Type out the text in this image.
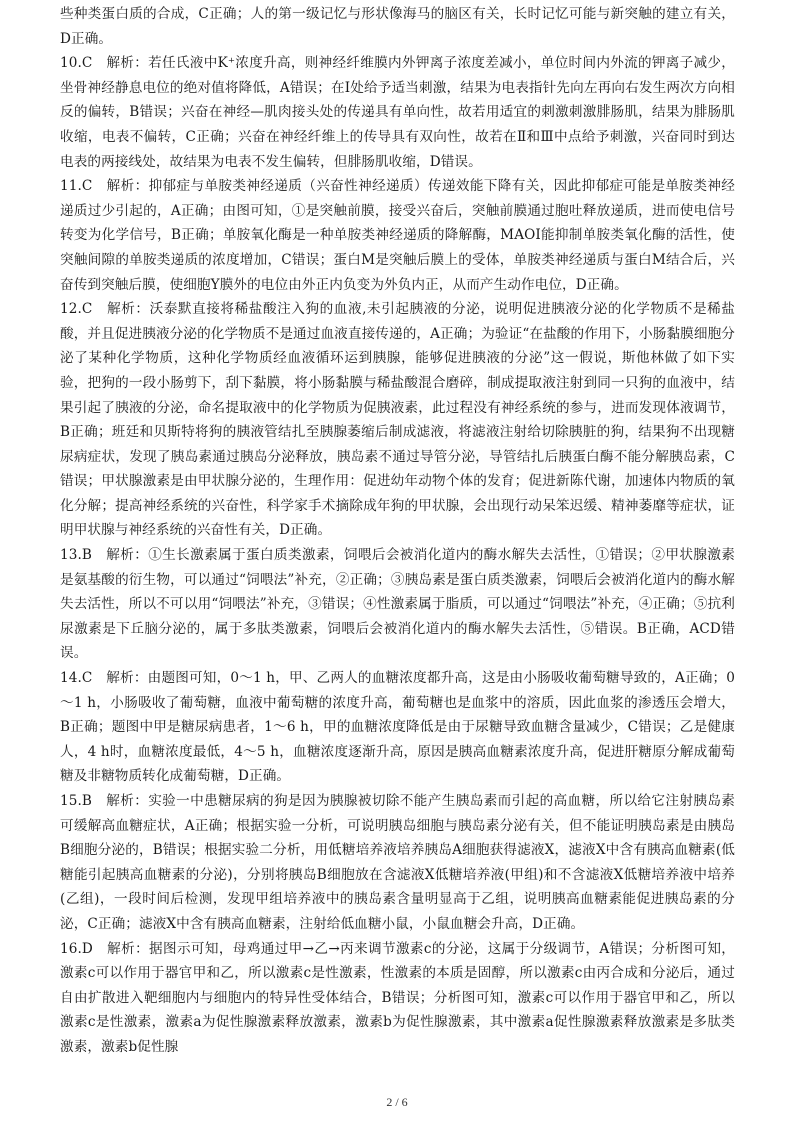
些种类蛋白质的合成，C正确；人的第一级记忆与形状像海马的脑区有关，长时记忆可能与新突触的建立有关，D正确。

10.C　解析：若任氏液中K⁺浓度升高，则神经纤维膜内外钾离子浓度差减小，单位时间内外流的钾离子减少，坐骨神经静息电位的绝对值将降低，A错误；在Ⅰ处给予适当刺激，结果为电表指针先向左再向右发生两次方向相反的偏转，B错误；兴奋在神经—肌肉接头处的传递具有单向性，故若用适宜的刺激刺激腓肠肌，结果为腓肠肌收缩，电表不偏转，C正确；兴奋在神经纤维上的传导具有双向性，故若在Ⅱ和Ⅲ中点给予刺激，兴奋同时到达电表的两接线处，故结果为电表不发生偏转，但腓肠肌收缩，D错误。

11.C　解析：抑郁症与单胺类神经递质（兴奋性神经递质）传递效能下降有关，因此抑郁症可能是单胺类神经递质过少引起的，A正确；由图可知，①是突触前膜，接受兴奋后，突触前膜通过胞吐释放递质，进而使电信号转变为化学信号，B正确；单胺氧化酶是一种单胺类神经递质的降解酶，MAOI能抑制单胺类氧化酶的活性，使突触间隙的单胺类递质的浓度增加，C错误；蛋白M是突触后膜上的受体，单胺类神经递质与蛋白M结合后，兴奋传到突触后膜，使细胞Y膜外的电位由外正内负变为外负内正，从而产生动作电位，D正确。

12.C　解析：沃泰默直接将稀盐酸注入狗的血液,未引起胰液的分泌，说明促进胰液分泌的化学物质不是稀盐酸，并且促进胰液分泌的化学物质不是通过血液直接传递的，A正确；为验证“在盐酸的作用下，小肠黏膜细胞分泌了某种化学物质，这种化学物质经血液循环运到胰腺，能够促进胰液的分泌”这一假说，斯他林做了如下实验，把狗的一段小肠剪下，刮下黏膜，将小肠黏膜与稀盐酸混合磨碎，制成提取液注射到同一只狗的血液中，结果引起了胰液的分泌，命名提取液中的化学物质为促胰液素，此过程没有神经系统的参与，进而发现体液调节，B正确；班廷和贝斯特将狗的胰液管结扎至胰腺萎缩后制成滤液，将滤液注射给切除胰脏的狗，结果狗不出现糖尿病症状，发现了胰岛素通过胰岛分泌释放，胰岛素不通过导管分泌，导管结扎后胰蛋白酶不能分解胰岛素，C错误；甲状腺激素是由甲状腺分泌的，生理作用：促进幼年动物个体的发育；促进新陈代谢，加速体内物质的氧化分解；提高神经系统的兴奋性，科学家手术摘除成年狗的甲状腺，会出现行动呆笨迟缓、精神萎靡等症状，证明甲状腺与神经系统的兴奋性有关，D正确。

13.B　解析：①生长激素属于蛋白质类激素，饲喂后会被消化道内的酶水解失去活性，①错误；②甲状腺激素是氨基酸的衍生物，可以通过“饲喂法”补充，②正确；③胰岛素是蛋白质类激素，饲喂后会被消化道内的酶水解失去活性，所以不可以用“饲喂法”补充，③错误；④性激素属于脂质，可以通过“饲喂法”补充，④正确；⑤抗利尿激素是下丘脑分泌的，属于多肽类激素，饲喂后会被消化道内的酶水解失去活性，⑤错误。B正确，ACD错误。

14.C　解析：由题图可知，0～1 h，甲、乙两人的血糖浓度都升高，这是由小肠吸收葡萄糖导致的，A正确；0～1 h，小肠吸收了葡萄糖，血液中葡萄糖的浓度升高，葡萄糖也是血浆中的溶质，因此血浆的渗透压会增大，B正确；题图中甲是糖尿病患者，1～6 h，甲的血糖浓度降低是由于尿糖导致血糖含量减少，C错误；乙是健康人，4 h时，血糖浓度最低，4～5 h，血糖浓度逐渐升高，原因是胰高血糖素浓度升高，促进肝糖原分解成葡萄糖及非糖物质转化成葡萄糖，D正确。

15.B　解析：实验一中患糖尿病的狗是因为胰腺被切除不能产生胰岛素而引起的高血糖，所以给它注射胰岛素可缓解高血糖症状，A正确；根据实验一分析，可说明胰岛细胞与胰岛素分泌有关，但不能证明胰岛素是由胰岛B细胞分泌的，B错误；根据实验二分析，用低糖培养液培养胰岛A细胞获得滤液X，滤液X中含有胰高血糖素(低糖能引起胰高血糖素的分泌)，分别将胰岛B细胞放在含滤液X低糖培养液(甲组)和不含滤液X低糖培养液中培养(乙组)，一段时间后检测，发现甲组培养液中的胰岛素含量明显高于乙组，说明胰高血糖素能促进胰岛素的分泌，C正确；滤液X中含有胰高血糖素，注射给低血糖小鼠，小鼠血糖会升高，D正确。

16.D　解析：据图示可知，母鸡通过甲→乙→丙来调节激素c的分泌，这属于分级调节，A错误；分析图可知，激素c可以作用于器官甲和乙，所以激素c是性激素，性激素的本质是固醇，所以激素c由丙合成和分泌后，通过自由扩散进入靶细胞内与细胞内的特异性受体结合，B错误；分析图可知，激素c可以作用于器官甲和乙，所以激素c是性激素，激素a为促性腺激素释放激素，激素b为促性腺激素，其中激素a促性腺激素释放激素是多肽类激素，激素b促性腺

2 / 6
